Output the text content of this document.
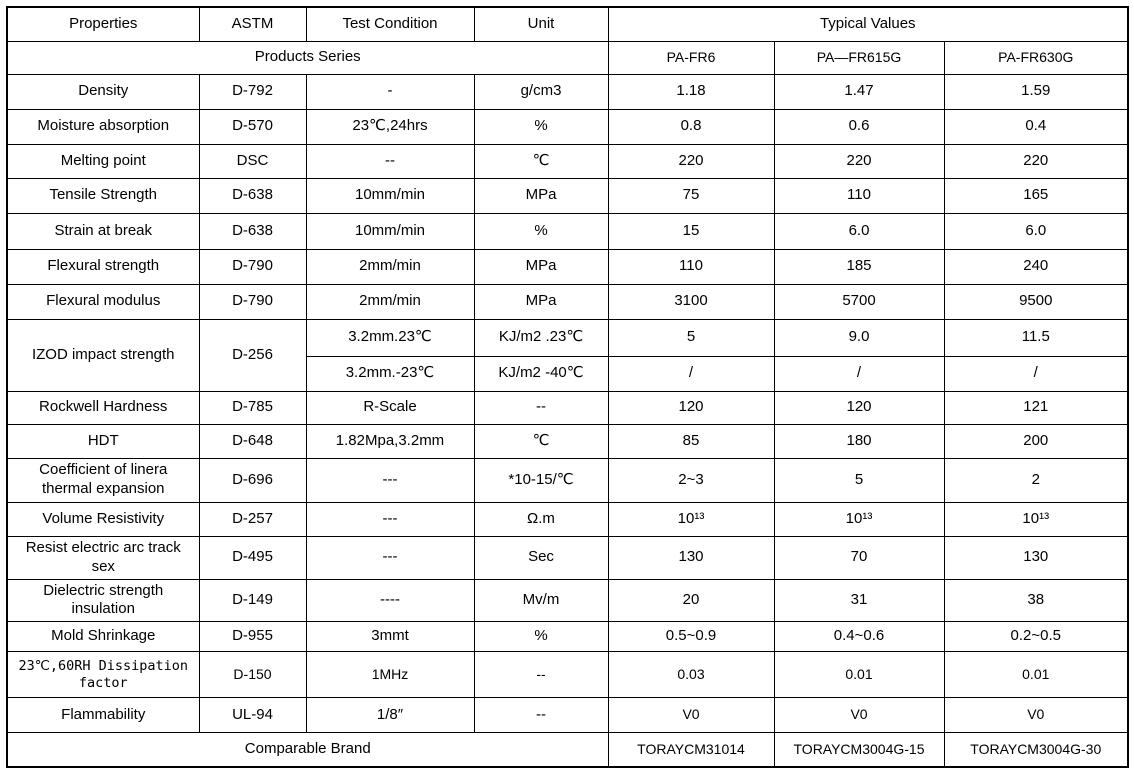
Properties	ASTM	Test Condition	Unit	Typical Values		
Products Series				PA-FR6	PA—FR615G	PA-FR630G
Density	D-792	-	g/cm3	1.18	1.47	1.59
Moisture absorption	D-570	23℃,24hrs	%	0.8	0.6	0.4
Melting point	DSC	--	℃	220	220	220
Tensile Strength	D-638	10mm/min	MPa	75	110	165
Strain at break	D-638	10mm/min	%	15	6.0	6.0
Flexural strength	D-790	2mm/min	MPa	110	185	240
Flexural modulus	D-790	2mm/min	MPa	3100	5700	9500
IZOD impact strength	D-256	3.2mm.23℃	KJ/m2 .23℃	5	9.0	11.5
		3.2mm.-23℃	KJ/m2 -40℃	/	/	/
Rockwell Hardness	D-785	R-Scale	--	120	120	121
HDT	D-648	1.82Mpa,3.2mm	℃	85	180	200
Coefficient of linera thermal expansion	D-696	---	*10-15/℃	2~3	5	2
Volume Resistivity	D-257	---	Ω.m	10¹³	10¹³	10¹³
Resist electric arc track sex	D-495	---	Sec	130	70	130
Dielectric strength insulation	D-149	----	Mv/m	20	31	38
Mold Shrinkage	D-955	3mmt	%	0.5~0.9	0.4~0.6	0.2~0.5
23℃,60RH Dissipation factor	D-150	1MHz	--	0.03	0.01	0.01
Flammability	UL-94	1/8″	--	V0	V0	V0
Comparable Brand				TORAYCM31014	TORAYCM3004G-15	TORAYCM3004G-30
